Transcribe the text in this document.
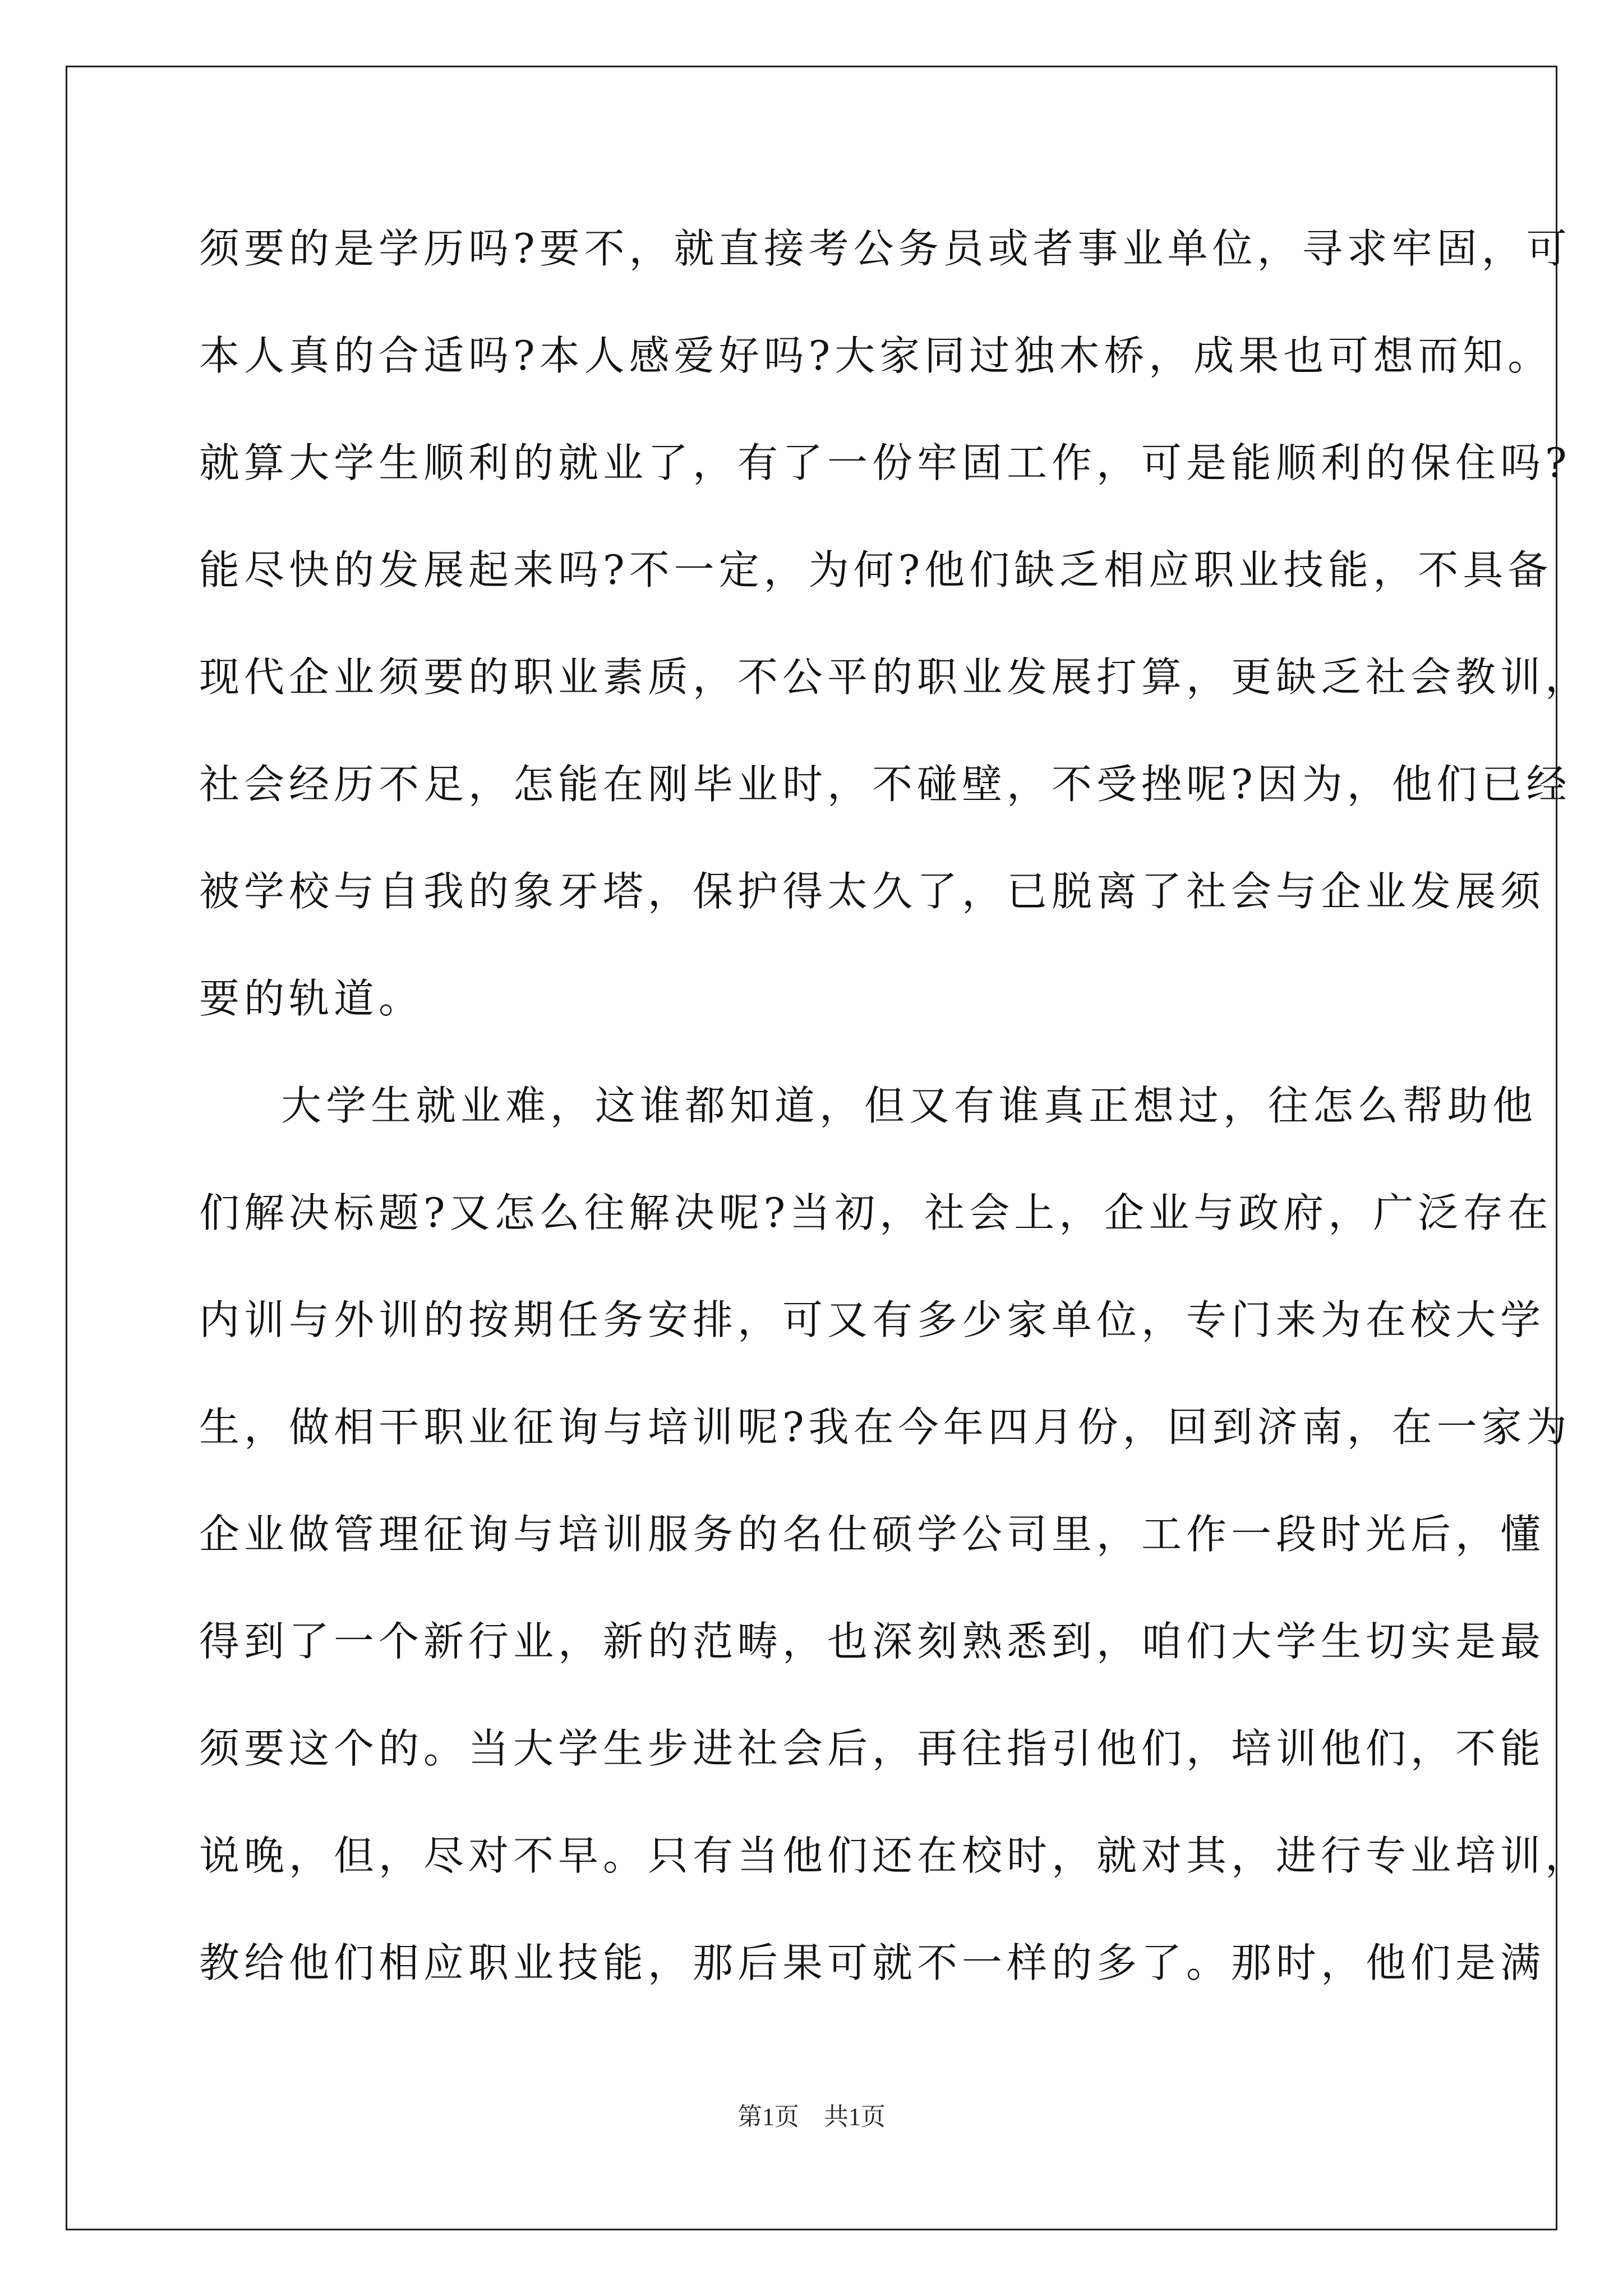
须要的是学历吗?要不，就直接考公务员或者事业单位，寻求牢固，可
本人真的合适吗?本人感爱好吗?大家同过独木桥，成果也可想而知。
就算大学生顺利的就业了，有了一份牢固工作，可是能顺利的保住吗?
能尽快的发展起来吗?不一定，为何?他们缺乏相应职业技能，不具备
现代企业须要的职业素质，不公平的职业发展打算，更缺乏社会教训，
社会经历不足，怎能在刚毕业时，不碰壁，不受挫呢?因为，他们已经
被学校与自我的象牙塔，保护得太久了，已脱离了社会与企业发展须
要的轨道。
大学生就业难，这谁都知道，但又有谁真正想过，往怎么帮助他
们解决标题?又怎么往解决呢?当初，社会上，企业与政府，广泛存在
内训与外训的按期任务安排，可又有多少家单位，专门来为在校大学
生，做相干职业征询与培训呢?我在今年四月份，回到济南，在一家为
企业做管理征询与培训服务的名仕硕学公司里，工作一段时光后，懂
得到了一个新行业，新的范畴，也深刻熟悉到，咱们大学生切实是最
须要这个的。当大学生步进社会后，再往指引他们，培训他们，不能
说晚，但，尽对不早。只有当他们还在校时，就对其，进行专业培训，
教给他们相应职业技能，那后果可就不一样的多了。那时，他们是满
第1页　共1页
